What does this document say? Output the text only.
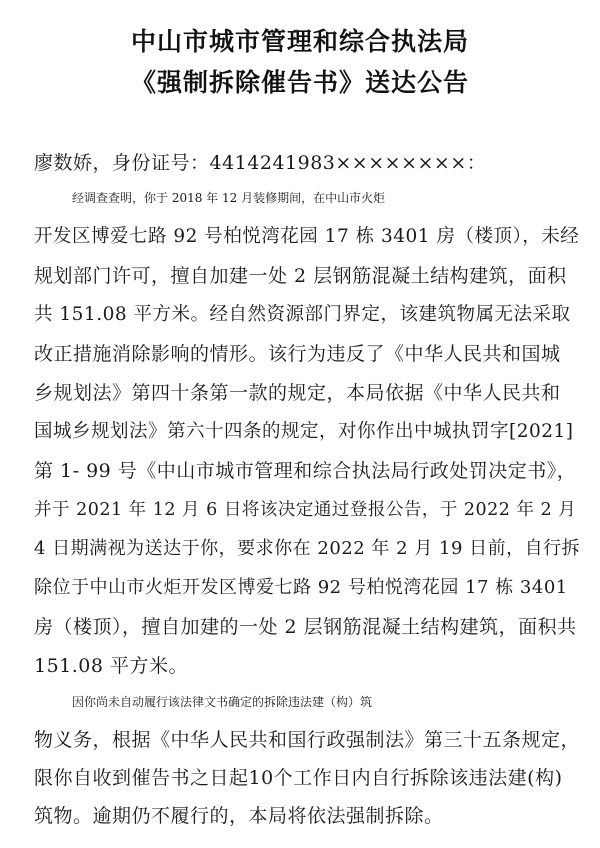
中山市城市管理和综合执法局
《强制拆除催告书》送达公告
廖数娇，身份证号：4414241983××××××××：
经调查查明，你于 2018 年 12 月装修期间，在中山市火炬
开发区博爱七路 92 号柏悦湾花园 17 栋 3401 房（楼顶），未经
规划部门许可，擅自加建一处 2 层钢筋混凝土结构建筑，面积
共 151.08 平方米。经自然资源部门界定，该建筑物属无法采取
改正措施消除影响的情形。该行为违反了《中华人民共和国城
乡规划法》第四十条第一款的规定，本局依据《中华人民共和
国城乡规划法》第六十四条的规定，对你作出中城执罚字[2021]
第 1- 99 号《中山市城市管理和综合执法局行政处罚决定书》，
并于 2021 年 12 月 6 日将该决定通过登报公告，于 2022 年 2 月
4 日期满视为送达于你，要求你在 2022 年 2 月 19 日前，自行拆
除位于中山市火炬开发区博爱七路 92 号柏悦湾花园 17 栋 3401
房（楼顶），擅自加建的一处 2 层钢筋混凝土结构建筑，面积共
151.08 平方米。
因你尚未自动履行该法律文书确定的拆除违法建（构）筑
物义务，根据《中华人民共和国行政强制法》第三十五条规定，
限你自收到催告书之日起10个工作日内自行拆除该违法建(构)
筑物。逾期仍不履行的，本局将依法强制拆除。
